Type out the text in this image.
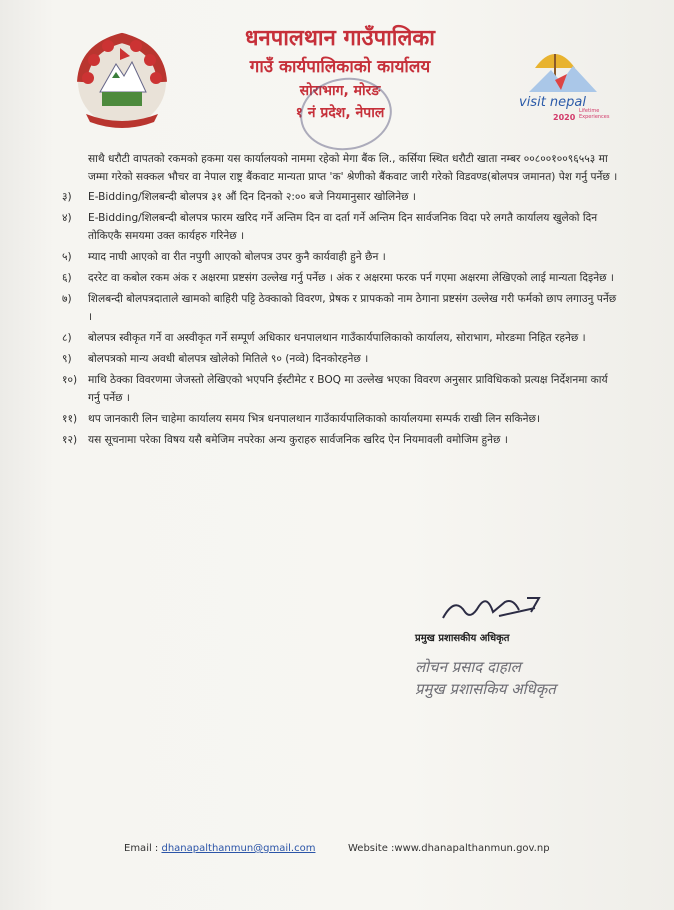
धनपालथान गाउँपालिका
गाउँ कार्यपालिकाको कार्यालय
सोराभाग, मोरङ
१ नं प्रदेश, नेपाल
visit nepal
2020
Lifetime
Experiences

साथै धरौटी वापतको रकमको हकमा यस कार्यालयको नाममा रहेको मेगा बैंक लि., कर्सिया स्थित धरौटी खाता नम्बर ००८००१००९६५५३ मा जम्मा गरेको सक्कल भौचर वा नेपाल राष्ट्र बैंकवाट मान्यता प्राप्त 'क' श्रेणीको बैंकवाट जारी गरेको विडवण्ड(बोलपत्र जमानत) पेश गर्नु पर्नेछ ।

३)	E-Bidding/शिलबन्दी बोलपत्र ३१ औं दिन दिनको २:०० बजे नियमानुसार खोलिनेछ ।
४)	E-Bidding/शिलबन्दी बोलपत्र फारम खरिद गर्ने अन्तिम दिन वा दर्ता गर्ने अन्तिम दिन सार्वजनिक विदा परे लगतै कार्यालय खुलेको दिन तोकिएकै समयमा उक्त कार्यहरु गरिनेछ ।
५)	म्याद नाघी आएको वा रीत नपुगी आएको बोलपत्र उपर कुनै कार्यवाही हुने छैन ।
६)	दररेट वा कबोल रकम अंक र अक्षरमा प्रष्टसंग उल्लेख गर्नु पर्नेछ । अंक र अक्षरमा फरक पर्न गएमा अक्षरमा लेखिएको लाई मान्यता दिइनेछ ।
७)	शिलबन्दी बोलपत्रदाताले खामको बाहिरी पट्टि ठेक्काको विवरण, प्रेषक र प्रापकको नाम ठेगाना प्रष्टसंग उल्लेख गरी फर्मको छाप लगाउनु पर्नेछ ।
८)	बोलपत्र स्वीकृत गर्ने वा अस्वीकृत गर्ने सम्पूर्ण अधिकार धनपालथान गाउँकार्यपालिकाको कार्यालय, सोराभाग, मोरङमा निहित रहनेछ ।
९)	बोलपत्रको मान्य अवधी बोलपत्र खोलेको मितिले ९० (नव्वे) दिनकोरहनेछ ।
१०)	माथि ठेक्का विवरणमा जेजस्तो लेखिएको भएपनि ईस्टीमेट र BOQ मा उल्लेख भएका विवरण अनुसार प्राविधिकको प्रत्यक्ष निर्देशनमा कार्य गर्नु पर्नेछ ।
११)	थप जानकारी लिन चाहेमा कार्यालय समय भित्र धनपालथान गाउँकार्यपालिकाको कार्यालयमा सम्पर्क राखी लिन सकिनेछ।
१२)	यस सूचनामा परेका विषय यसै बमेजिम नपरेका अन्य कुराहरु सार्वजनिक खरिद ऐन नियमावली वमोजिम हुनेछ ।
प्रमुख प्रशासकीय अधिकृत
लोचन प्रसाद दाहाल
प्रमुख प्रशासकिय अधिकृत
Email : dhanapalthanmun@gmail.com	Website :www.dhanapalthanmun.gov.np
